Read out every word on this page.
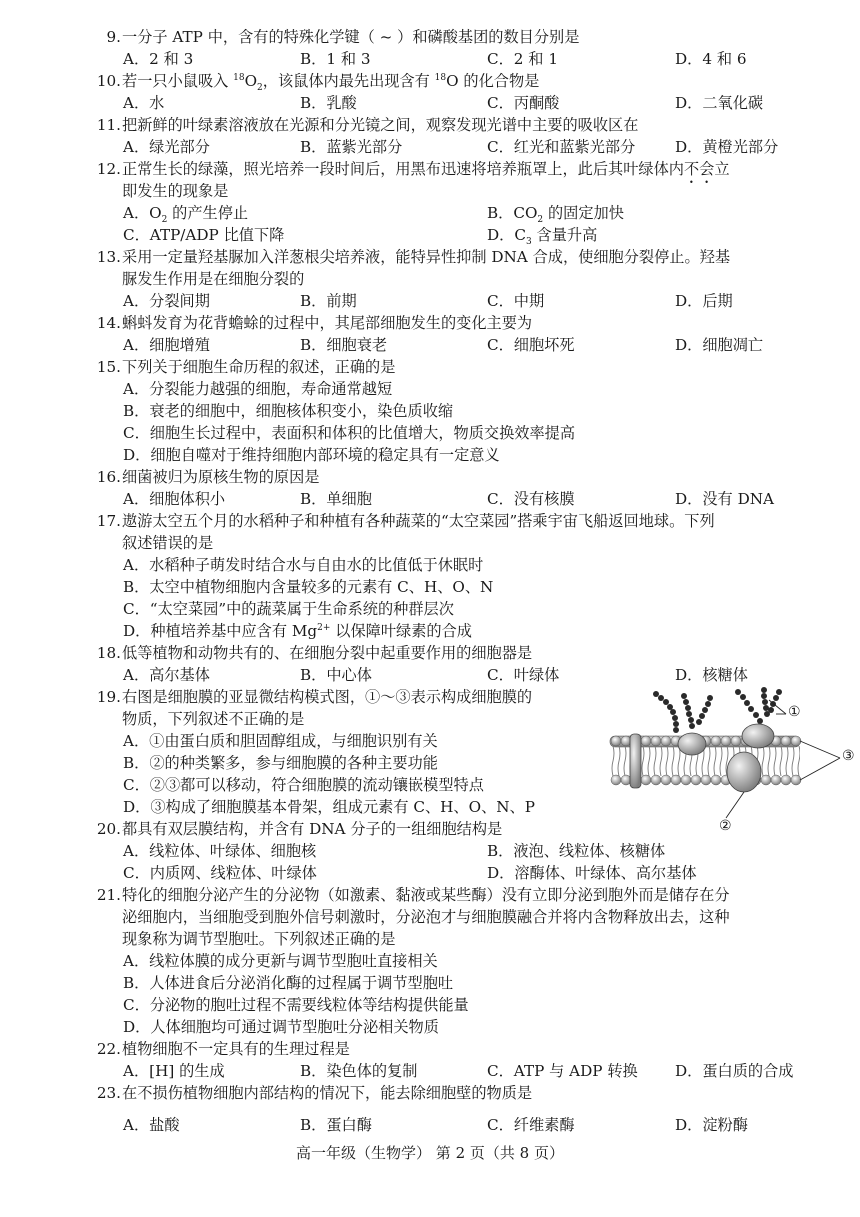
9. 一分子 ATP 中，含有的特殊化学键（ ~ ）和磷酸基团的数目分别是
A．2 和 3	B．1 和 3	C．2 和 1	D．4 和 6
10. 若一只小鼠吸入 $^{18}O_2$，该鼠体内最先出现含有 $^{18}$O 的化合物是
A．水	B．乳酸	C．丙酮酸	D．二氧化碳
11. 把新鲜的叶绿素溶液放在光源和分光镜之间，观察发现光谱中主要的吸收区在
A．绿光部分	B．蓝紫光部分	C．红光和蓝紫光部分	D．黄橙光部分
12. 正常生长的绿藻，照光培养一段时间后，用黑布迅速将培养瓶罩上，此后其叶绿体内不会立
即发生的现象是
A．$O_2$ 的产生停止	B．$CO_2$ 的固定加快
C．ATP/ADP 比值下降	D．$C_3$ 含量升高
13. 采用一定量羟基脲加入洋葱根尖培养液，能特异性抑制 DNA 合成，使细胞分裂停止。羟基
脲发生作用是在细胞分裂的
A．分裂间期	B．前期	C．中期	D．后期
14. 蝌蚪发育为花背蟾蜍的过程中，其尾部细胞发生的变化主要为
A．细胞增殖	B．细胞衰老	C．细胞坏死	D．细胞凋亡
15. 下列关于细胞生命历程的叙述，正确的是
A．分裂能力越强的细胞，寿命通常越短
B．衰老的细胞中，细胞核体积变小，染色质收缩
C．细胞生长过程中，表面积和体积的比值增大，物质交换效率提高
D．细胞自噬对于维持细胞内部环境的稳定具有一定意义
16. 细菌被归为原核生物的原因是
A．细胞体积小	B．单细胞	C．没有核膜	D．没有 DNA
17. 遨游太空五个月的水稻种子和种植有各种蔬菜的“太空菜园”搭乘宇宙飞船返回地球。下列
叙述错误的是
A．水稻种子萌发时结合水与自由水的比值低于休眠时
B．太空中植物细胞内含量较多的元素有 C、H、O、N
C．“太空菜园”中的蔬菜属于生命系统的种群层次
D．种植培养基中应含有 $Mg^{2+}$ 以保障叶绿素的合成
18. 低等植物和动物共有的、在细胞分裂中起重要作用的细胞器是
A．高尔基体	B．中心体	C．叶绿体	D．核糖体
19. 右图是细胞膜的亚显微结构模式图，①～③表示构成细胞膜的
物质，下列叙述不正确的是
A．①由蛋白质和胆固醇组成，与细胞识别有关
B．②的种类繁多，参与细胞膜的各种主要功能
C．②③都可以移动，符合细胞膜的流动镶嵌模型特点
D．③构成了细胞膜基本骨架，组成元素有 C、H、O、N、P
①
③
②
20. 都具有双层膜结构，并含有 DNA 分子的一组细胞结构是
A．线粒体、叶绿体、细胞核	B．液泡、线粒体、核糖体
C．内质网、线粒体、叶绿体	D．溶酶体、叶绿体、高尔基体
21. 特化的细胞分泌产生的分泌物（如激素、黏液或某些酶）没有立即分泌到胞外而是储存在分
泌细胞内，当细胞受到胞外信号刺激时，分泌泡才与细胞膜融合并将内含物释放出去，这种
现象称为调节型胞吐。下列叙述正确的是
A．线粒体膜的成分更新与调节型胞吐直接相关
B．人体进食后分泌消化酶的过程属于调节型胞吐
C．分泌物的胞吐过程不需要线粒体等结构提供能量
D．人体细胞均可通过调节型胞吐分泌相关物质
22. 植物细胞不一定具有的生理过程是
A．[H] 的生成	B．染色体的复制	C．ATP 与 ADP 转换 D．蛋白质的合成
23. 在不损伤植物细胞内部结构的情况下，能去除细胞壁的物质是
A．盐酸	B．蛋白酶	C．纤维素酶	D．淀粉酶
高一年级（生物学） 第 2 页（共 8 页）
